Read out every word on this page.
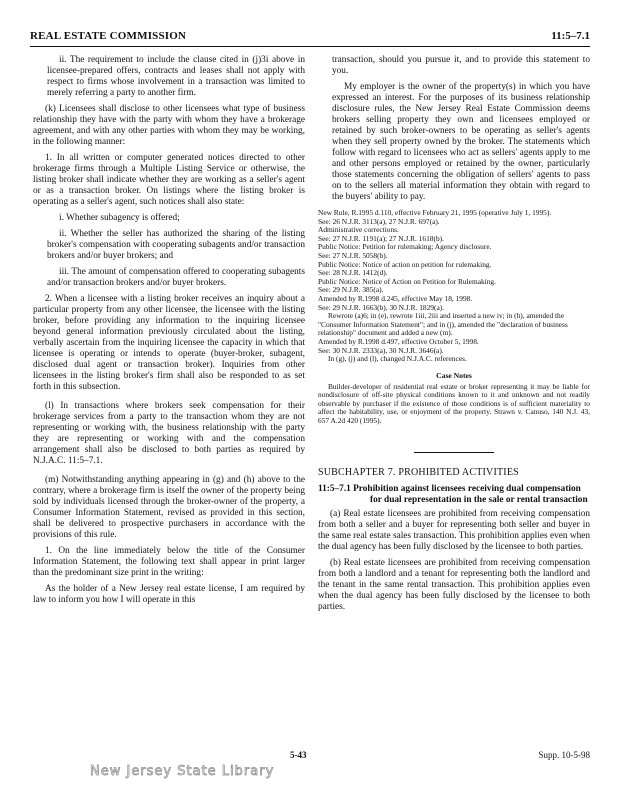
REAL ESTATE COMMISSION	11:5–7.1

ii. The requirement to include the clause cited in (j)3i above in licensee-prepared offers, contracts and leases shall not apply with respect to firms whose involvement in a transaction was limited to merely referring a party to another firm.

(k) Licensees shall disclose to other licensees what type of business relationship they have with the party with whom they have a brokerage agreement, and with any other parties with whom they may be working, in the following manner:

1. In all written or computer generated notices directed to other brokerage firms through a Multiple Listing Service or otherwise, the listing broker shall indicate whether they are working as a seller's agent or as a transaction broker. On listings where the listing broker is operating as a seller's agent, such notices shall also state:

i. Whether subagency is offered;

ii. Whether the seller has authorized the sharing of the listing broker's compensation with cooperating subagents and/or transaction brokers and/or buyer brokers; and

iii. The amount of compensation offered to cooperating subagents and/or transaction brokers and/or buyer brokers.

2. When a licensee with a listing broker receives an inquiry about a particular property from any other licensee, the licensee with the listing broker, before providing any information to the inquiring licensee beyond general information previously circulated about the listing, verbally ascertain from the inquiring licensee the capacity in which that licensee is operating or intends to operate (buyer-broker, subagent, disclosed dual agent or transaction broker). Inquiries from other licensees in the listing broker's firm shall also be responded to as set forth in this subsection.

(l) In transactions where brokers seek compensation for their brokerage services from a party to the transaction whom they are not representing or working with, the business relationship with the party they are representing or working with and the compensation arrangement shall also be disclosed to both parties as required by N.J.A.C. 11:5–7.1.

(m) Notwithstanding anything appearing in (g) and (h) above to the contrary, where a brokerage firm is itself the owner of the property being sold by individuals licensed through the broker-owner of the property, a Consumer Information Statement, revised as provided in this section, shall be delivered to prospective purchasers in accordance with the provisions of this rule.

1. On the line immediately below the title of the Consumer Information Statement, the following text shall appear in print larger than the predominant size print in the writing:

As the holder of a New Jersey real estate license, I am required by law to inform you how I will operate in this

transaction, should you pursue it, and to provide this statement to you.

My employer is the owner of the property(s) in which you have expressed an interest. For the purposes of its business relationship disclosure rules, the New Jersey Real Estate Commission deems brokers selling property they own and licensees employed or retained by such broker-owners to be operating as seller's agents when they sell property owned by the broker. The statements which follow with regard to licensees who act as sellers' agents apply to me and other persons employed or retained by the owner, particularly those statements concerning the obligation of sellers' agents to pass on to the sellers all material information they obtain with regard to the buyers' ability to pay.

New Rule, R.1995 d.110, effective February 21, 1995 (operative July 1, 1995).

See: 26 N.J.R. 3113(a), 27 N.J.R. 697(a).

Administrative corrections.

See: 27 N.J.R. 1191(a); 27 N.J.R. 1618(b).

Public Notice: Petition for rulemaking; Agency disclosure.

See: 27 N.J.R. 5058(b).

Public Notice: Notice of action on petition for rulemaking.

See: 28 N.J.R. 1412(d).

Public Notice: Notice of Action on Petition for Rulemaking.

See: 29 N.J.R. 385(a).

Amended by R.1998 d.245, effective May 18, 1998.

See: 29 N.J.R. 1663(b), 30 N.J.R. 1829(a).

Rewrote (a)6; in (e), rewrote 1iii, 2iii and inserted a new iv; in (h), amended the "Consumer Information Statement"; and in (j), amended the "declaration of business relationship" document and added a new (m).

Amended by R.1998 d.497, effective October 5, 1998.

See: 30 N.J.R. 2333(a), 30 N.J.R. 3646(a).

In (g), (j) and (l), changed N.J.A.C. references.

Case Notes

Builder-developer of residential real estate or broker representing it may be liable for nondisclosure of off-site physical conditions known to it and unknown and not readily observable by purchaser if the existence of those conditions is of sufficient materiality to affect the habitability, use, or enjoyment of the property. Strawn v. Canuso, 140 N.J. 43, 657 A.2d 420 (1995).

SUBCHAPTER 7. PROHIBITED ACTIVITIES
11:5–7.1 Prohibition against licensees receiving dual compensation for dual representation in the sale or rental transaction

(a) Real estate licensees are prohibited from receiving compensation from both a seller and a buyer for representing both seller and buyer in the same real estate sales transaction. This prohibition applies even when the dual agency has been fully disclosed by the licensee to both parties.

(b) Real estate licensees are prohibited from receiving compensation from both a landlord and a tenant for representing both the landlord and the tenant in the same rental transaction. This prohibition applies even when the dual agency has been fully disclosed by the licensee to both parties.

5-43	Supp. 10-5-98
New Jersey State Library
